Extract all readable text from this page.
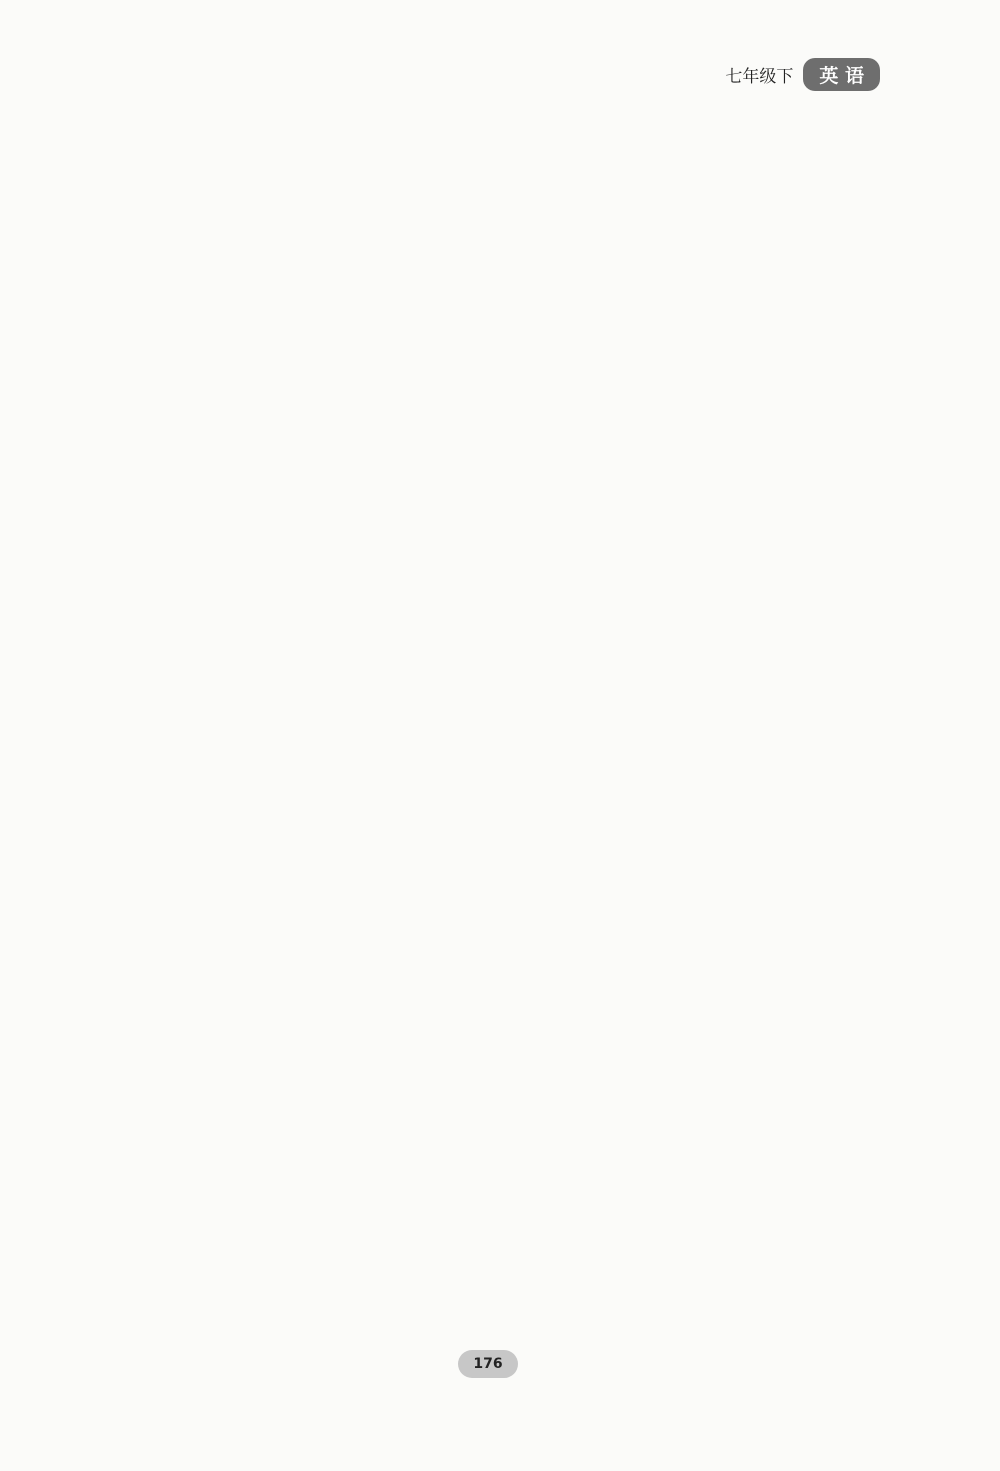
七年级下	英 语
176
